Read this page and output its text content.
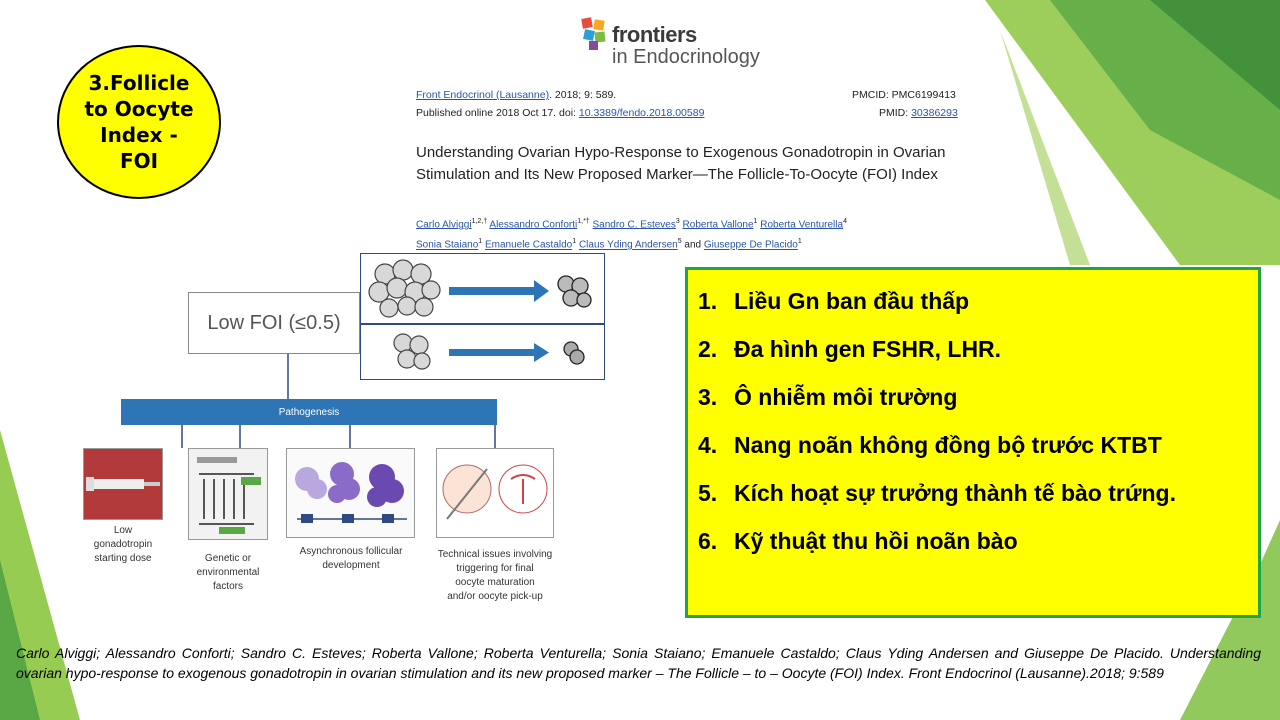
3.Follicle
to Oocyte
Index -
FOI
frontiers
in Endocrinology
Front Endocrinol (Lausanne). 2018; 9: 589.
Published online 2018 Oct 17. doi: 10.3389/fendo.2018.00589
PMCID: PMC6199413
PMID: 30386293
Understanding Ovarian Hypo-Response to Exogenous Gonadotropin in Ovarian Stimulation and Its New Proposed Marker—The Follicle-To-Oocyte (FOI) Index
Carlo Alviggi$^{1,2,\dagger}$ Alessandro Conforti$^{1,*\dagger}$ Sandro C. Esteves$^3$ Roberta Vallone$^1$ Roberta Venturella$^4$
Sonia Staiano$^1$ Emanuele Castaldo$^1$ Claus Yding Andersen$^5$ and Giuseppe De Placido$^1$
Low FOI (≤0.5)
Pathogenesis
Low
gonadotropin
starting dose	Genetic or
environmental
factors
Asynchronous follicular
development
Technical issues involving
triggering for final
oocyte maturation
and/or oocyte pick-up
1. Liều Gn ban đầu thấp
2. Đa hình gen FSHR, LHR.
3. Ô nhiễm môi trường
4. Nang noãn không đồng bộ trước KTBT
5. Kích hoạt sự trưởng thành tế bào trứng.
6. Kỹ thuật thu hồi noãn bào
Carlo Alviggi; Alessandro Conforti; Sandro C. Esteves; Roberta Vallone; Roberta Venturella; Sonia Staiano; Emanuele Castaldo; Claus Yding Andersen and Giuseppe De Placido. Understanding ovarian hypo-response to exogenous gonadotropin in ovarian stimulation and its new proposed marker – The Follicle – to – Oocyte (FOI) Index. Front Endocrinol (Lausanne).2018; 9:589
